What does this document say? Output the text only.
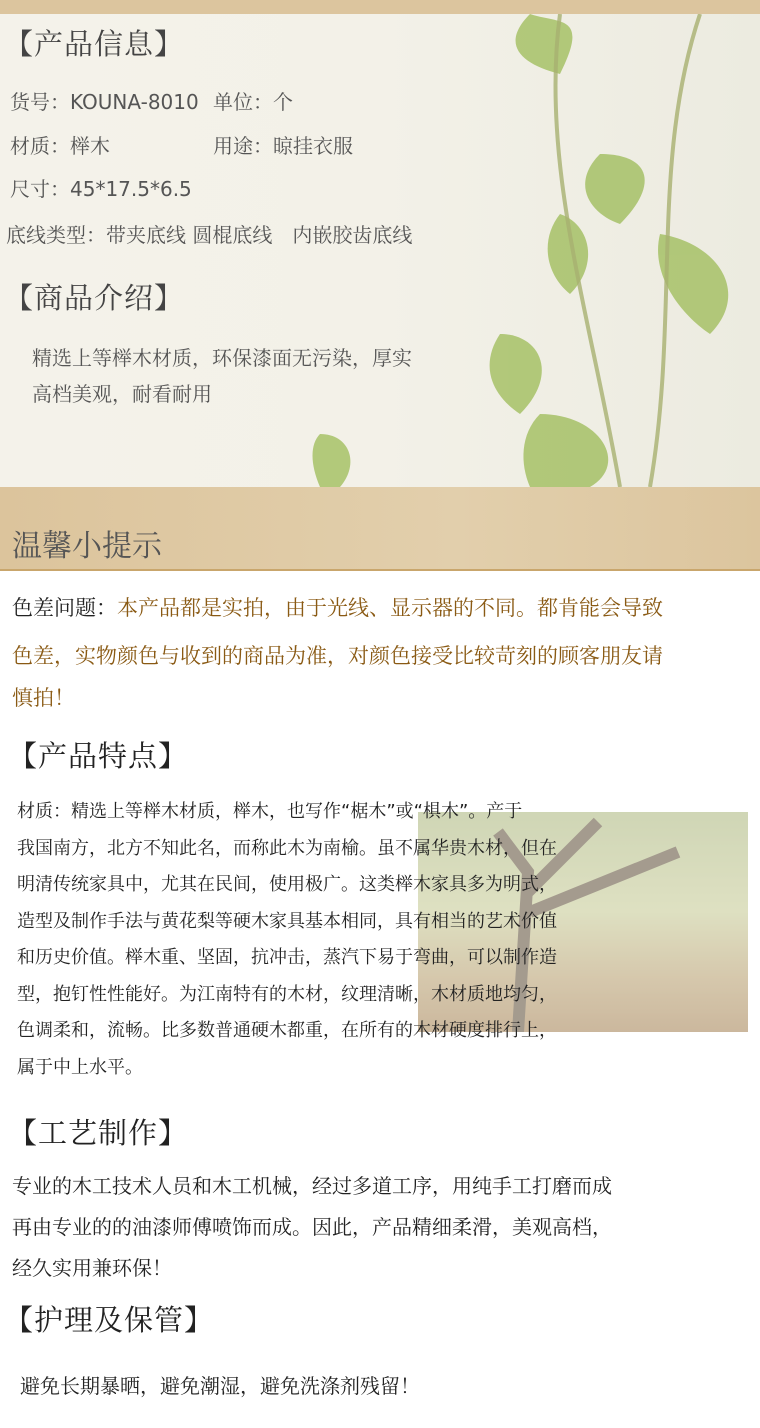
【产品信息】
货号：KOUNA-8010 单位：个
材质：榉木	用途：晾挂衣服
尺寸：45*17.5*6.5
底线类型：带夹底线 圆棍底线　内嵌胶齿底线
【商品介绍】
精选上等榉木材质，环保漆面无污染，厚实
高档美观，耐看耐用
温馨小提示
色差问题：本产品都是实拍，由于光线、显示器的不同。都肯能会导致
色差，实物颜色与收到的商品为准，对颜色接受比较苛刻的顾客朋友请
慎拍！
【产品特点】
材质：精选上等榉木材质，榉木，也写作“椐木”或“椇木”。产于
我国南方，北方不知此名，而称此木为南榆。虽不属华贵木材，但在
明清传统家具中，尤其在民间，使用极广。这类榉木家具多为明式，
造型及制作手法与黄花梨等硬木家具基本相同，具有相当的艺术价值
和历史价值。榉木重、坚固，抗冲击，蒸汽下易于弯曲，可以制作造
型，抱钉性性能好。为江南特有的木材，纹理清晰，木材质地均匀，
色调柔和，流畅。比多数普通硬木都重，在所有的木材硬度排行上，
属于中上水平。
【工艺制作】
专业的木工技术人员和木工机械，经过多道工序，用纯手工打磨而成
再由专业的的油漆师傅喷饰而成。因此，产品精细柔滑，美观高档，
经久实用兼环保！
【护理及保管】
避免长期暴晒，避免潮湿，避免洗涤剂残留！
